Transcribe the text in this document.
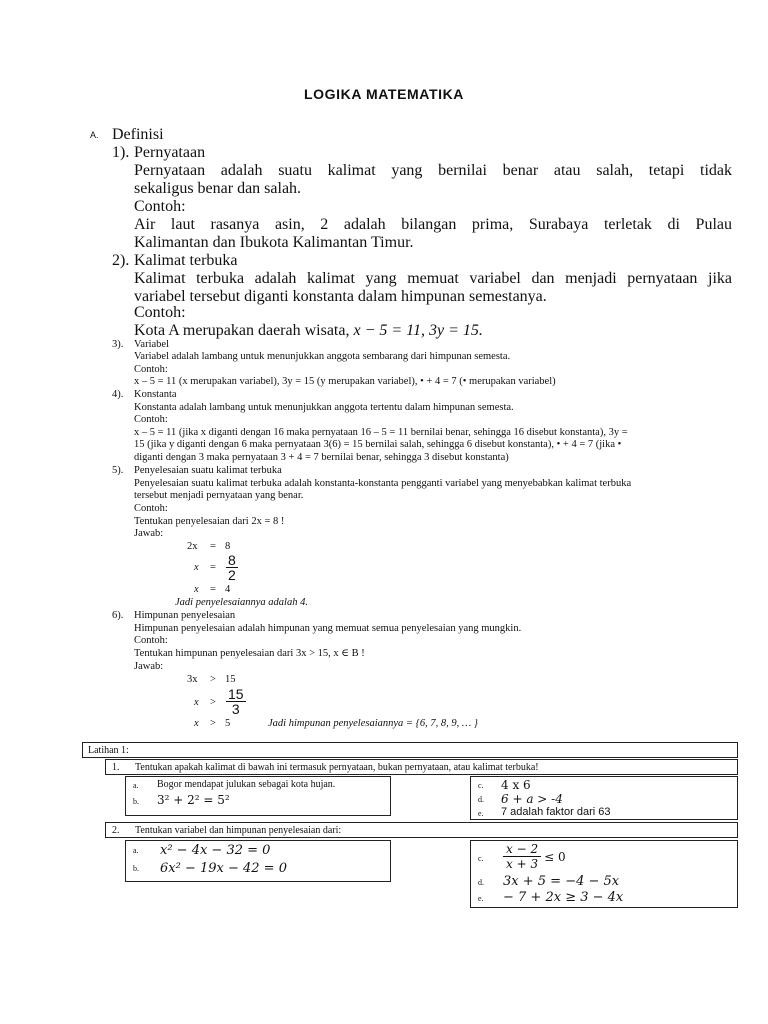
LOGIKA MATEMATIKA
A. Definisi
1). Pernyataan
Pernyataan adalah suatu kalimat yang bernilai benar atau salah, tetapi tidak
sekaligus benar dan salah.
Contoh:
Air laut rasanya asin, 2 adalah bilangan prima, Surabaya terletak di Pulau
Kalimantan dan Ibukota Kalimantan Timur.
2). Kalimat terbuka
Kalimat terbuka adalah kalimat yang memuat variabel dan menjadi pernyataan jika
variabel tersebut diganti konstanta dalam himpunan semestanya.
Contoh:
Kota A merupakan daerah wisata, x − 5 = 11, 3y = 15.
3). Variabel
Variabel adalah lambang untuk menunjukkan anggota sembarang dari himpunan semesta.
Contoh:
x – 5 = 11 (x merupakan variabel), 3y = 15 (y merupakan variabel), • + 4 = 7 (• merupakan variabel)
4). Konstanta
Konstanta adalah lambang untuk menunjukkan anggota tertentu dalam himpunan semesta.
Contoh:
x – 5 = 11 (jika x diganti dengan 16 maka pernyataan 16 – 5 = 11 bernilai benar, sehingga 16 disebut konstanta), 3y =
15 (jika y diganti dengan 6 maka pernyataan 3(6) = 15 bernilai salah, sehingga 6 disebut konstanta), • + 4 = 7 (jika •
diganti dengan 3 maka pernyataan 3 + 4 = 7 bernilai benar, sehingga 3 disebut konstanta)
5). Penyelesaian suatu kalimat terbuka
Penyelesaian suatu kalimat terbuka adalah konstanta-konstanta pengganti variabel yang menyebabkan kalimat terbuka
tersebut menjadi pernyataan yang benar.
Contoh:
Tentukan penyelesaian dari 2x = 8 !
Jawab:
2x = 8
$x = \frac{8}{2}$
x = 4
Jadi penyelesaiannya adalah 4.
6). Himpunan penyelesaian
Himpunan penyelesaian adalah himpunan yang memuat semua penyelesaian yang mungkin.
Contoh:
Tentukan himpunan penyelesaian dari 3x > 15, x ∈ B !
Jawab:
3x > 15
$x > \frac{15}{3}$
x > 5	Jadi himpunan penyelesaiannya = {6, 7, 8, 9, … }
Latihan 1:
1. Tentukan apakah kalimat di bawah ini termasuk pernyataan, bukan pernyataan, atau kalimat terbuka!
a. Bogor mendapat julukan sebagai kota hujan.
b. 3² + 2² = 5²
c. 4 x 6
d. 6 + a > -4
e. 7 adalah faktor dari 63
2. Tentukan variabel dan himpunan penyelesaian dari:
a. x² − 4x − 32 = 0
b. 6x² − 19x − 42 = 0
c. $\frac{x - 2}{x + 3} \le 0$
d. 3x + 5 = −4 − 5x
e. − 7 + 2x ≥ 3 − 4x
